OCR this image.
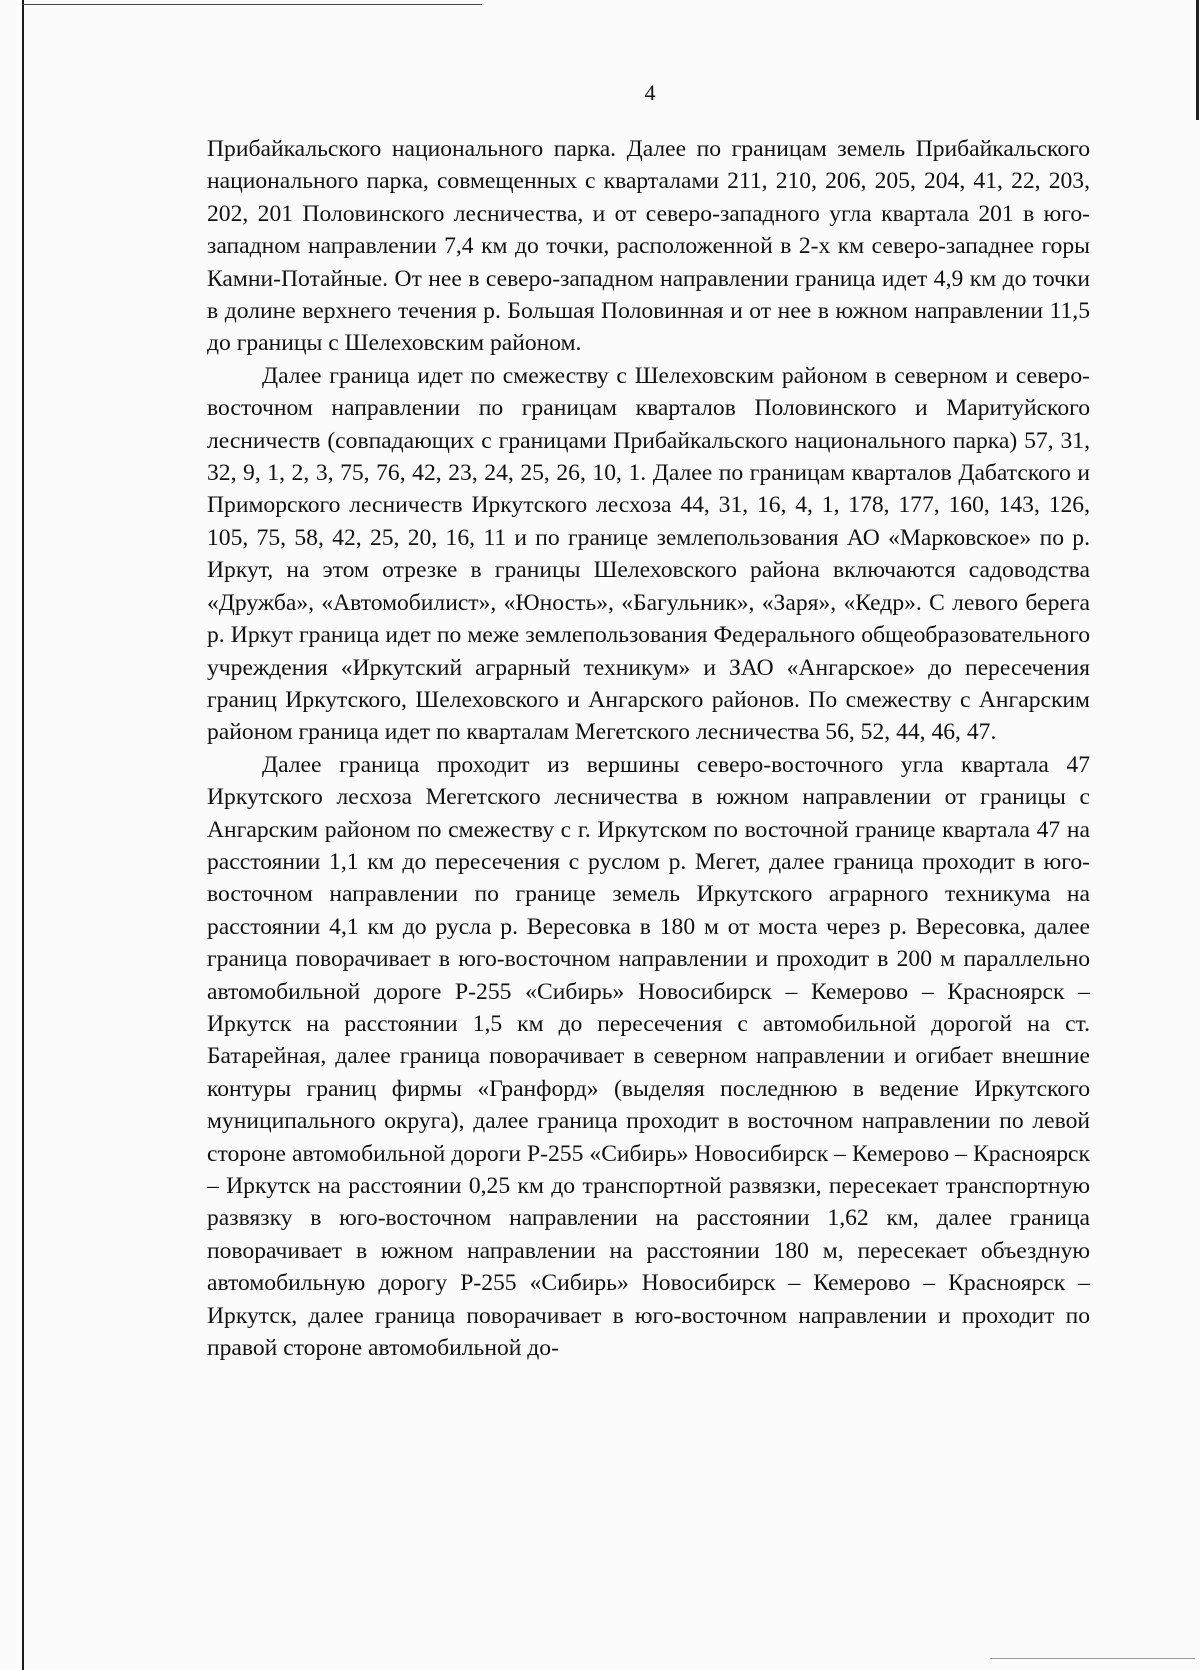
4

Прибайкальского национального парка. Далее по границам земель Прибайкальского национального парка, совмещенных с кварталами 211, 210, 206, 205, 204, 41, 22, 203, 202, 201 Половинского лесничества, и от северо-западного угла квартала 201 в юго-западном направлении 7,4 км до точки, расположенной в 2-х км северо-западнее горы Камни-Потайные. От нее в северо-западном направлении граница идет 4,9 км до точки в долине верхнего течения р. Большая Половинная и от нее в южном направлении 11,5 до границы с Шелеховским районом.

Далее граница идет по смежеству с Шелеховским районом в северном и северо-восточном направлении по границам кварталов Половинского и Маритуйского лесничеств (совпадающих с границами Прибайкальского национального парка) 57, 31, 32, 9, 1, 2, 3, 75, 76, 42, 23, 24, 25, 26, 10, 1. Далее по границам кварталов Дабатского и Приморского лесничеств Иркутского лесхоза 44, 31, 16, 4, 1, 178, 177, 160, 143, 126, 105, 75, 58, 42, 25, 20, 16, 11 и по границе землепользования АО «Марковское» по р. Иркут, на этом отрезке в границы Шелеховского района включаются садоводства «Дружба», «Автомобилист», «Юность», «Багульник», «Заря», «Кедр». С левого берега р. Иркут граница идет по меже землепользования Федерального общеобразовательного учреждения «Иркутский аграрный техникум» и ЗАО «Ангарское» до пересечения границ Иркутского, Шелеховского и Ангарского районов. По смежеству с Ангарским районом граница идет по кварталам Мегетского лесничества 56, 52, 44, 46, 47.

Далее граница проходит из вершины северо-восточного угла квартала 47 Иркутского лесхоза Мегетского лесничества в южном направлении от границы с Ангарским районом по смежеству с г. Иркутском по восточной границе квартала 47 на расстоянии 1,1 км до пересечения с руслом р. Мегет, далее граница проходит в юго-восточном направлении по границе земель Иркутского аграрного техникума на расстоянии 4,1 км до русла р. Вересовка в 180 м от моста через р. Вересовка, далее граница поворачивает в юго-восточном направлении и проходит в 200 м параллельно автомобильной дороге Р-255 «Сибирь» Новосибирск – Кемерово – Красноярск – Иркутск на расстоянии 1,5 км до пересечения с автомобильной дорогой на ст. Батарейная, далее граница поворачивает в северном направлении и огибает внешние контуры границ фирмы «Гранфорд» (выделяя последнюю в ведение Иркутского муниципального округа), далее граница проходит в восточном направлении по левой стороне автомобильной дороги Р-255 «Сибирь» Новосибирск – Кемерово – Красноярск – Иркутск на расстоянии 0,25 км до транспортной развязки, пересекает транспортную развязку в юго-восточном направлении на расстоянии 1,62 км, далее граница поворачивает в южном направлении на расстоянии 180 м, пересекает объездную автомобильную дорогу Р-255 «Сибирь» Новосибирск – Кемерово – Красноярск – Иркутск, далее граница поворачивает в юго-восточном направлении и проходит по правой стороне автомобильной до-
